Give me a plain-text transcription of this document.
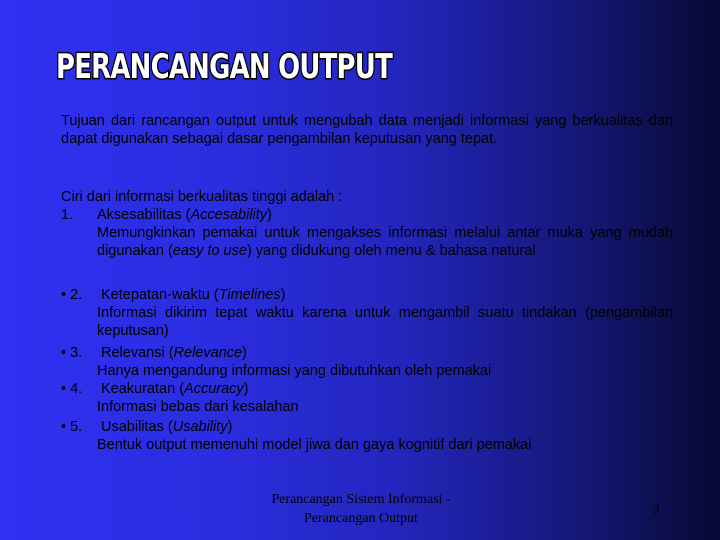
PERANCANGAN OUTPUT
Tujuan dari rancangan output untuk mengubah data menjadi informasi yang berkualitas dan dapat digunakan sebagai dasar pengambilan keputusan yang tepat.
Ciri dari informasi berkualitas tinggi adalah :
1.	Aksesabilitas (Accesability)
Memungkinkan pemakai untuk mengakses informasi melalui antar muka yang mudah digunakan (easy to use) yang didukung oleh menu & bahasa natural
• 2.	Ketepatan-waktu (Timelines)
Informasi dikirim tepat waktu karena untuk mengambil suatu tindakan (pengambilan keputusan)
• 3.	Relevansi (Relevance)
Hanya mengandung informasi yang dibutuhkan oleh pemakai
• 4.	Keakuratan (Accuracy)
Informasi bebas dari kesalahan
• 5.	Usabilitas (Usability)
Bentuk output memenuhi model jiwa dan gaya kognitif dari pemakai
Perancangan Sistem Informasi -
Perancangan Output
3
